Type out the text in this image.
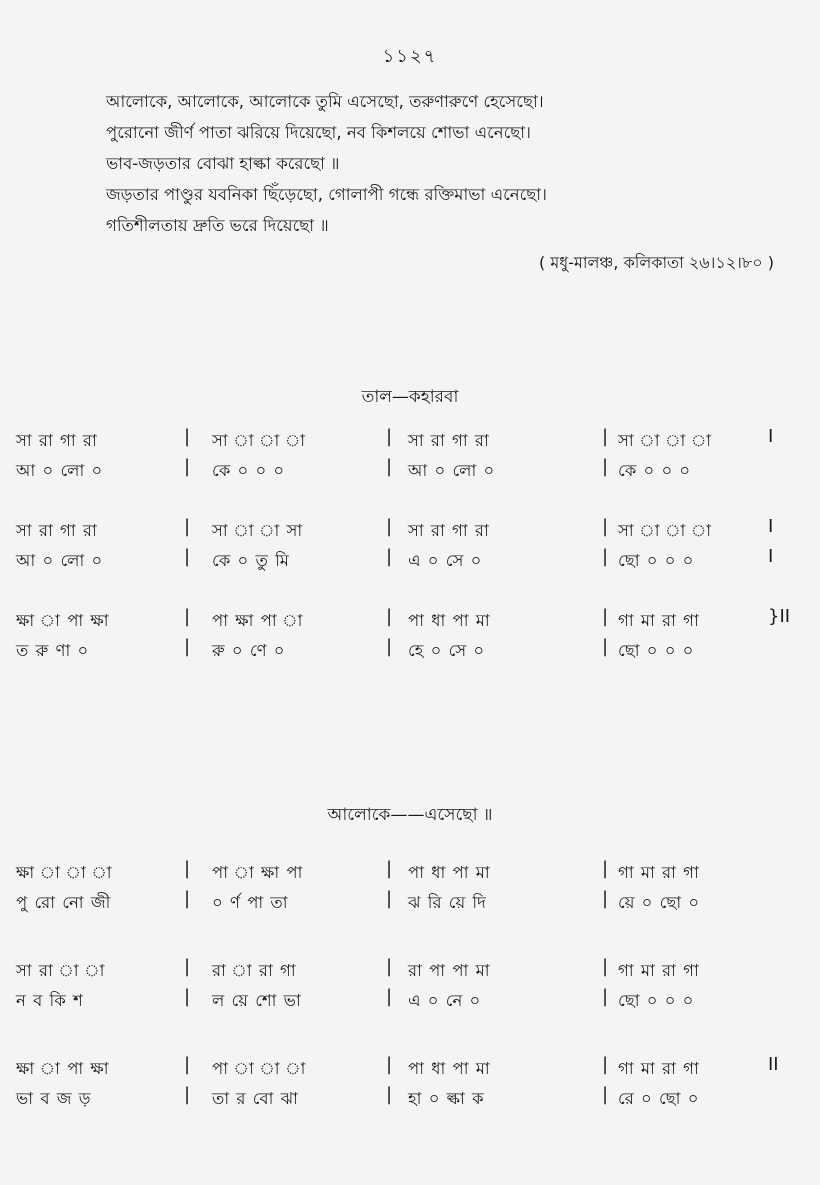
১১২৭
আলোকে, আলোকে, আলোকে তুমি এসেছো, তরুণারুণে হেসেছো।
পুরোনো জীর্ণ পাতা ঝরিয়ে দিয়েছো, নব কিশলয়ে শোভা এনেছো।
ভাব-জড়তার বোঝা হাল্কা করেছো ॥
জড়তার পাণ্ডুর যবনিকা ছিঁড়েছো, গোলাপী গন্ধে রক্তিমাভা এনেছো।
গতিশীলতায় দ্রুতি ভরে দিয়েছো ॥
( মধু-মালঞ্চ, কলিকাতা ২৬।১২।৮০ )
তাল—কহারবা
সা রা গা রা	সা া া া	সা রা গা রা	সা া া া
|	|	|	I
আ ০ লো ০	কে ০ ০ ০	আ ০ লো ০	কে ০ ০ ০
|	|	|
সা রা গা রা	সা া া সা	সা রা গা রা	সা া া া
|	|	|	I
আ ০ লো ০	কে ০ তু মি	এ ০ সে ০	ছো ০ ০ ০
|	|	|	I
ক্ষা া পা ক্ষা	পা ক্ষা পা া	পা ধা পা মা	গা মা রা গা
|	|	|	}II
ত রু ণা ০	রু ০ ণে ০	হে ০ সে ০	ছো ০ ০ ০
|	|	|
আলোকে——এসেছো ॥
ক্ষা া া া	পা া ক্ষা পা	পা ধা পা মা	গা মা রা গা
|	|	|
পু রো নো জী	০ র্ণ পা তা	ঝ রি য়ে দি	য়ে ০ ছো ০
|	|	|
সা রা া া	রা া রা গা	রা পা পা মা	গা মা রা গা
|	|	|
ন ব কি শ	ল য়ে শো ভা	এ ০ নে ০	ছো ০ ০ ০
|	|	|
ক্ষা া পা ক্ষা	পা া া া	পা ধা পা মা	গা মা রা গা
|	|	|	II
ভা ব জ ড়	তা র বো ঝা	হা ০ ল্কা ক	রে ০ ছো ০
|	|	|
